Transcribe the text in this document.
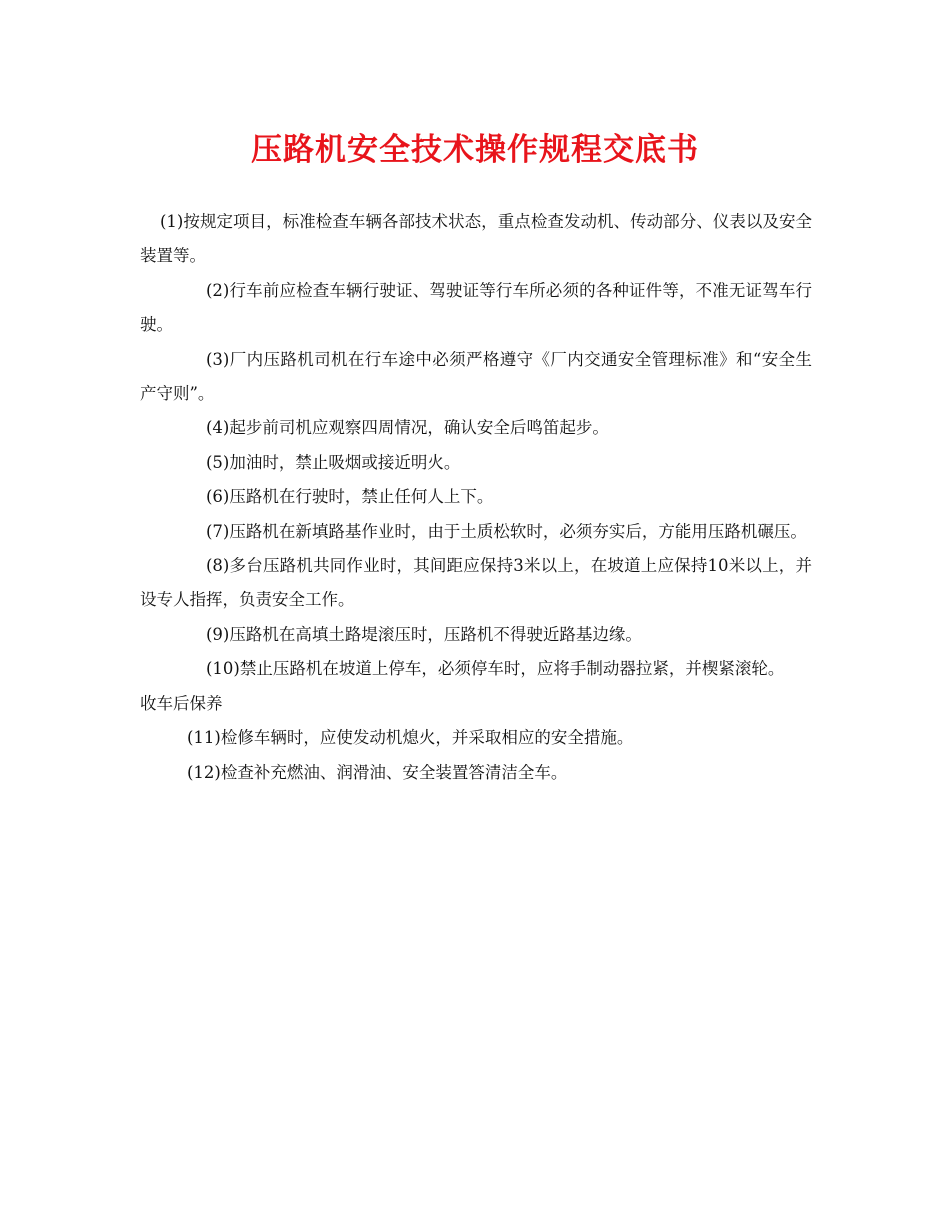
压路机安全技术操作规程交底书

(1)按规定项目，标准检查车辆各部技术状态，重点检查发动机、传动部分、仪表以及安全装置等。

(2)行车前应检查车辆行驶证、驾驶证等行车所必须的各种证件等，不准无证驾车行驶。

(3)厂内压路机司机在行车途中必须严格遵守《厂内交通安全管理标准》和“安全生产守则”。

(4)起步前司机应观察四周情况，确认安全后鸣笛起步。

(5)加油时，禁止吸烟或接近明火。

(6)压路机在行驶时，禁止任何人上下。

(7)压路机在新填路基作业时，由于土质松软时，必须夯实后，方能用压路机碾压。

(8)多台压路机共同作业时，其间距应保持3米以上，在坡道上应保持10米以上，并设专人指挥，负责安全工作。

(9)压路机在高填土路堤滚压时，压路机不得驶近路基边缘。

(10)禁止压路机在坡道上停车，必须停车时，应将手制动器拉紧，并楔紧滚轮。

收车后保养

(11)检修车辆时，应使发动机熄火，并采取相应的安全措施。

(12)检查补充燃油、润滑油、安全装置答清洁全车。
